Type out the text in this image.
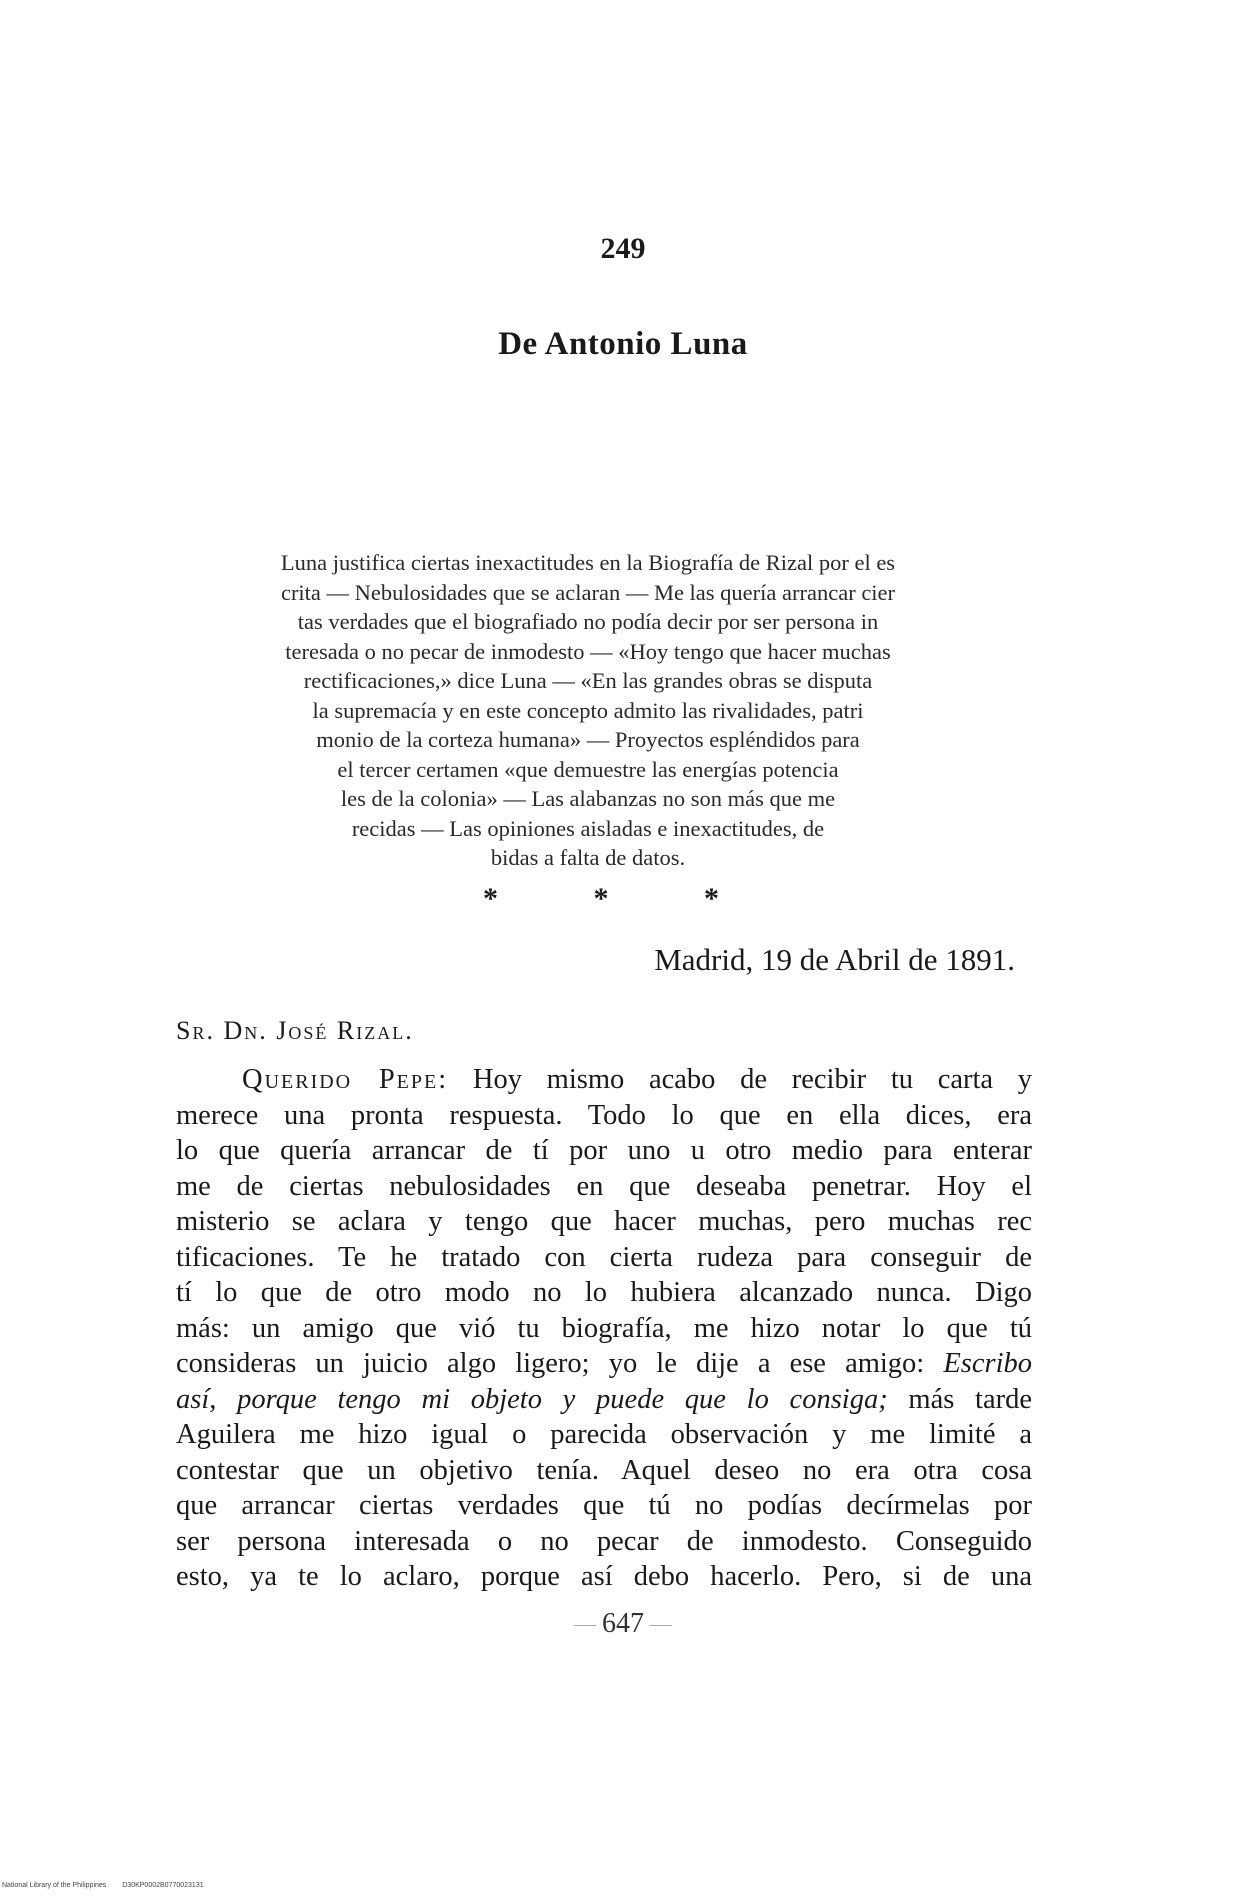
249
De Antonio Luna
Luna justifica ciertas inexactitudes en la Biografía de Rizal por el es
crita — Nebulosidades que se aclaran — Me las quería arrancar cier
tas verdades que el biografiado no podía decir por ser persona in
teresada o no pecar de inmodesto — «Hoy tengo que hacer muchas
rectificaciones,» dice Luna — «En las grandes obras se disputa
la supremacía y en este concepto admito las rivalidades, patri
monio de la corteza humana» — Proyectos espléndidos para
el tercer certamen «que demuestre las energías potencia
les de la colonia» — Las alabanzas no son más que me
recidas — Las opiniones aisladas e inexactitudes, de
bidas a falta de datos.
* * *
Madrid, 19 de Abril de 1891.
Sr. Dn. José Rizal.
Querido Pepe: Hoy mismo acabo de recibir tu carta y
merece una pronta respuesta. Todo lo que en ella dices, era
lo que quería arrancar de tí por uno u otro medio para enterar
me de ciertas nebulosidades en que deseaba penetrar. Hoy el
misterio se aclara y tengo que hacer muchas, pero muchas rec
tificaciones. Te he tratado con cierta rudeza para conseguir de
tí lo que de otro modo no lo hubiera alcanzado nunca. Digo
más: un amigo que vió tu biografía, me hizo notar lo que tú
consideras un juicio algo ligero; yo le dije a ese amigo: Escribo
así, porque tengo mi objeto y puede que lo consiga; más tarde
Aguilera me hizo igual o parecida observación y me limité a
contestar que un objetivo tenía. Aquel deseo no era otra cosa
que arrancar ciertas verdades que tú no podías decírmelas por
ser persona interesada o no pecar de inmodesto. Conseguido
esto, ya te lo aclaro, porque así debo hacerlo. Pero, si de una
647
National Library of the Philippines D30KP0002B0770023131
